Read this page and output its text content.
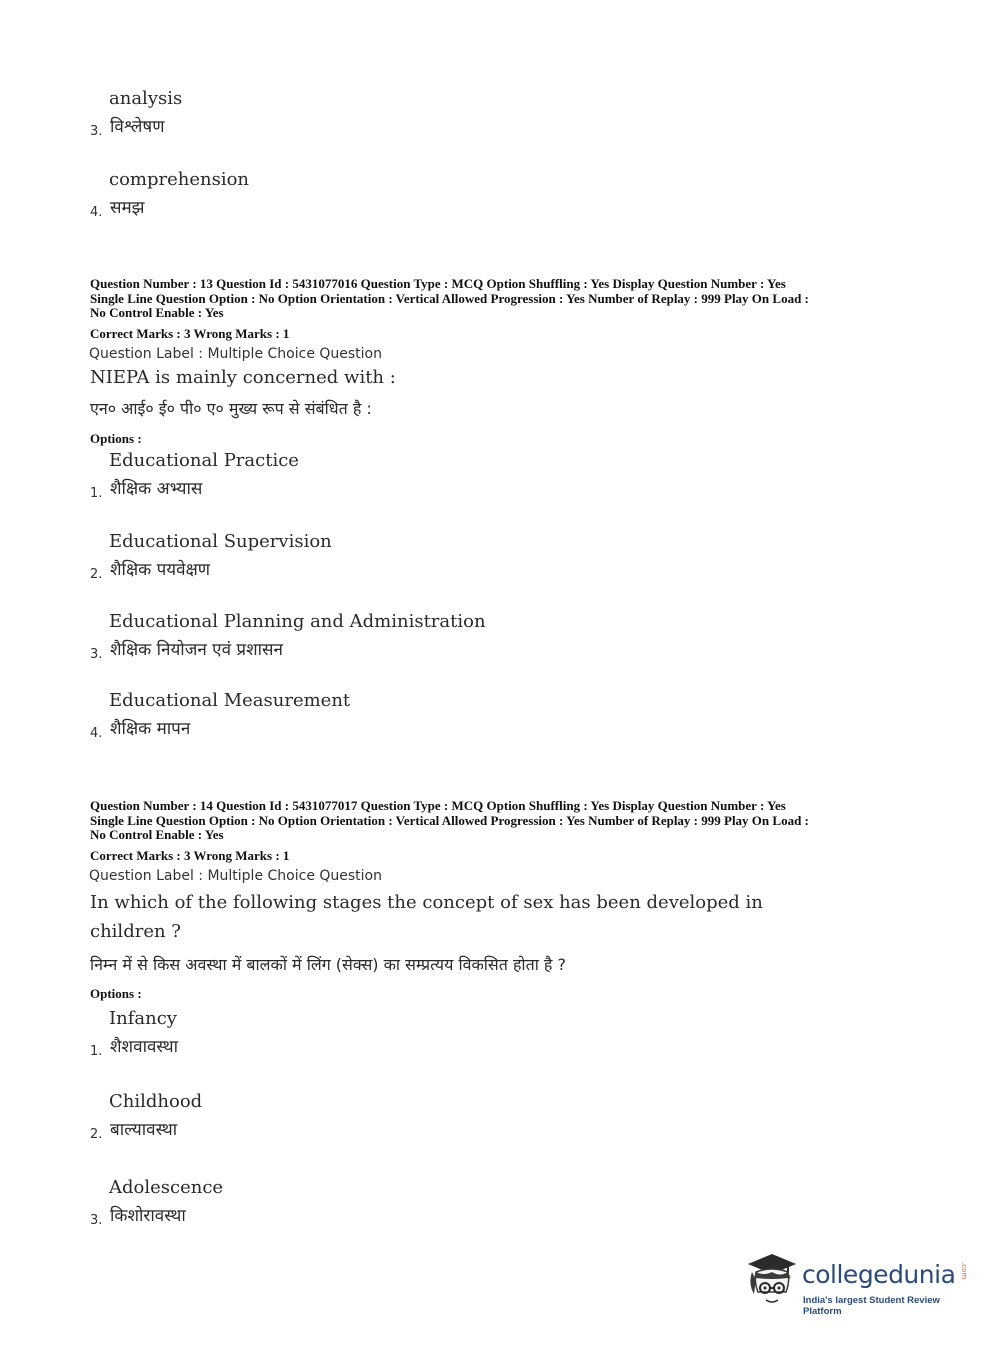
analysis
विश्लेषण
3.
comprehension
समझ
4.
Question Number : 13 Question Id : 5431077016 Question Type : MCQ Option Shuffling : Yes Display Question Number : Yes
Single Line Question Option : No Option Orientation : Vertical Allowed Progression : Yes Number of Replay : 999 Play On Load :
No Control Enable : Yes
Correct Marks : 3 Wrong Marks : 1
Question Label : Multiple Choice Question
NIEPA is mainly concerned with :
एन० आई० ई० पी० ए० मुख्य रूप से संबंधित है :
Options :
Educational Practice
शैक्षिक अभ्यास
1.
Educational Supervision
शैक्षिक पयवेक्षण
2.
Educational Planning and Administration
शैक्षिक नियोजन एवं प्रशासन
3.
Educational Measurement
शैक्षिक मापन
4.
Question Number : 14 Question Id : 5431077017 Question Type : MCQ Option Shuffling : Yes Display Question Number : Yes
Single Line Question Option : No Option Orientation : Vertical Allowed Progression : Yes Number of Replay : 999 Play On Load :
No Control Enable : Yes
Correct Marks : 3 Wrong Marks : 1
Question Label : Multiple Choice Question
In which of the following stages the concept of sex has been developed in
children ?
निम्न में से किस अवस्था में बालकों में लिंग (सेक्स) का सम्प्रत्यय विकसित होता है ?
Options :
Infancy
शैशवावस्था
1.
Childhood
बाल्यावस्था
2.
Adolescence
किशोरावस्था
3.
collegedunia .com
India's largest Student Review Platform
